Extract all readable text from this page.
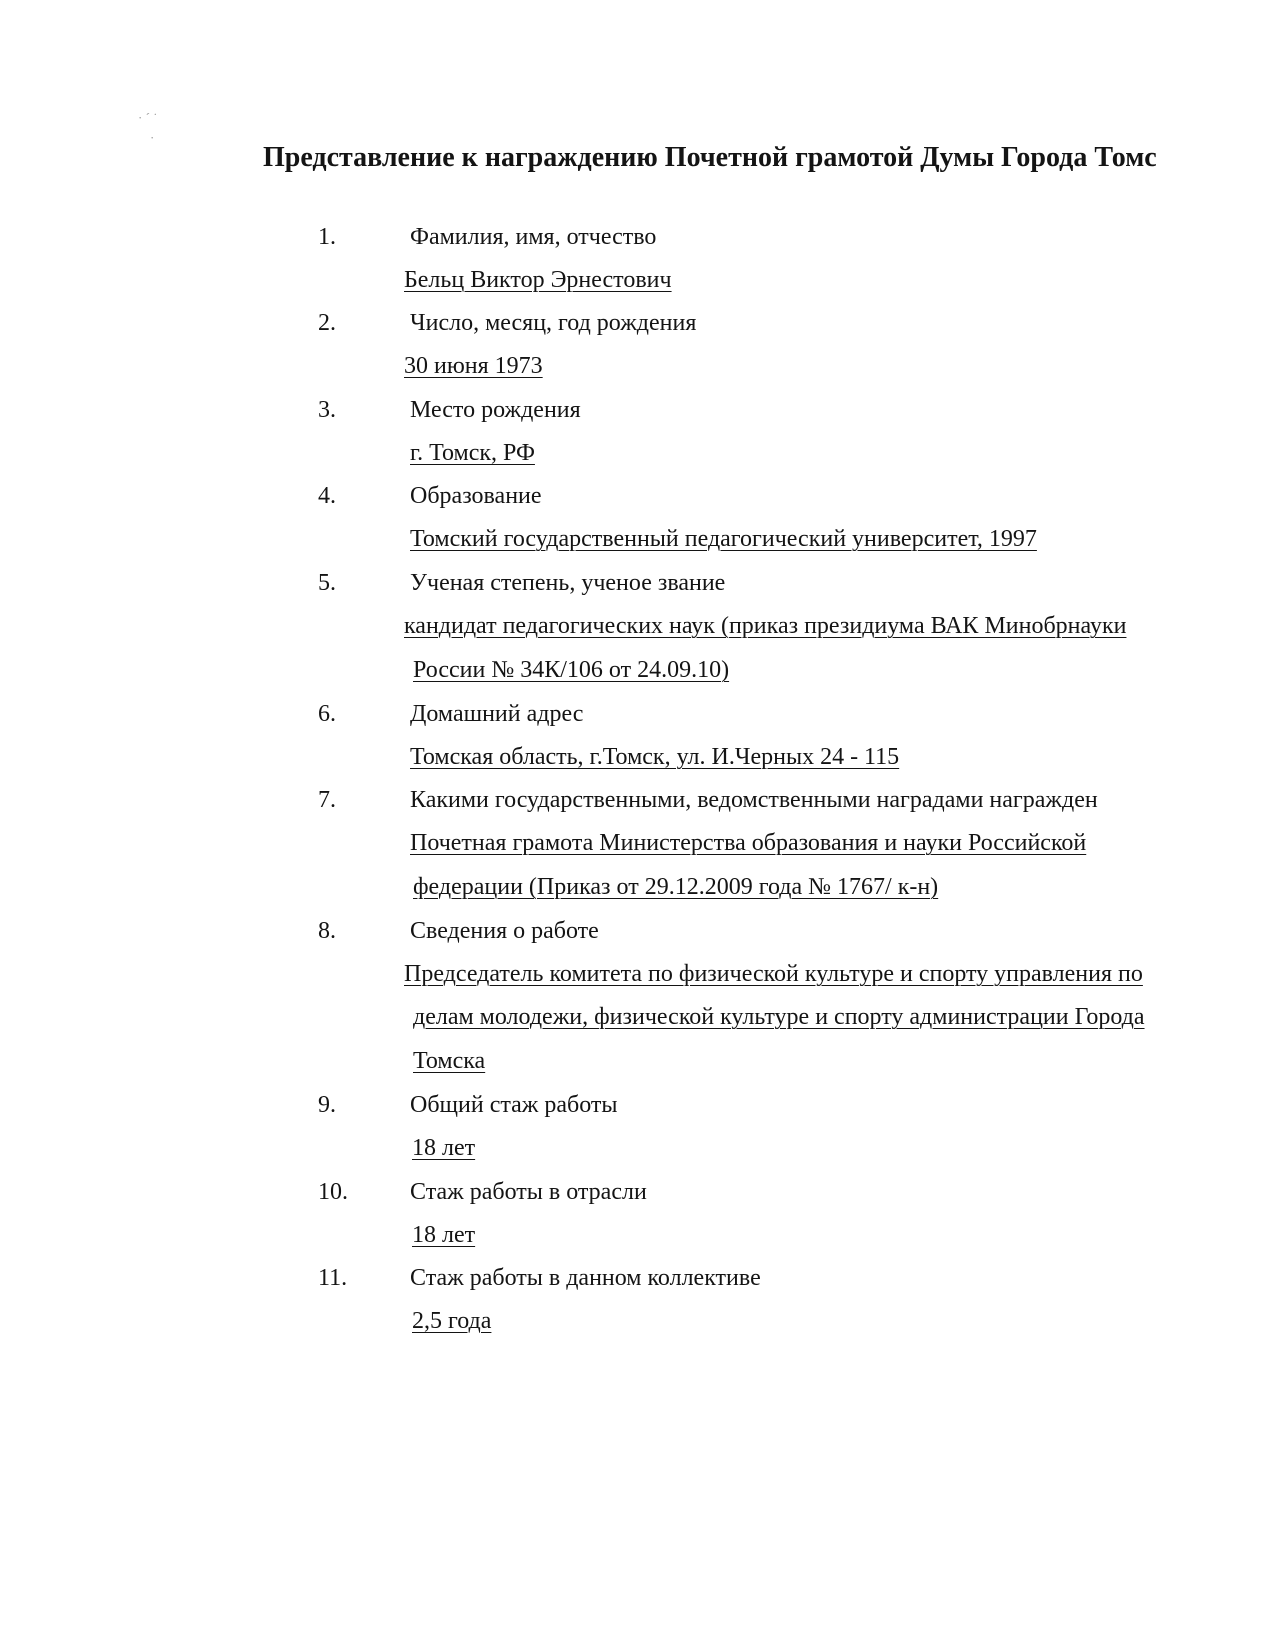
· ˊ ˙
·
Представление к награждению Почетной грамотой Думы Города Томс
1.	Фамилия, имя, отчество
Бельц Виктор Эрнестович
2.	Число, месяц, год рождения
30 июня 1973
3.	Место рождения
г. Томск, РФ
4.	Образование
Томский государственный педагогический университет, 1997
5.	Ученая степень, ученое звание
кандидат педагогических наук (приказ президиума ВАК Минобрнауки
России № 34К/106 от 24.09.10)
6.	Домашний адрес
Томская область, г.Томск, ул. И.Черных 24 - 115
7.	Какими государственными, ведомственными наградами награжден
Почетная грамота Министерства образования и науки Российской
федерации (Приказ от 29.12.2009 года № 1767/ к-н)
8.	Сведения о работе
Председатель комитета по физической культуре и спорту управления по
делам молодежи, физической культуре и спорту администрации Города
Томска
9.	Общий стаж работы
18 лет
10.	Стаж работы в отрасли
18 лет
11.	Стаж работы в данном коллективе
2,5 года
